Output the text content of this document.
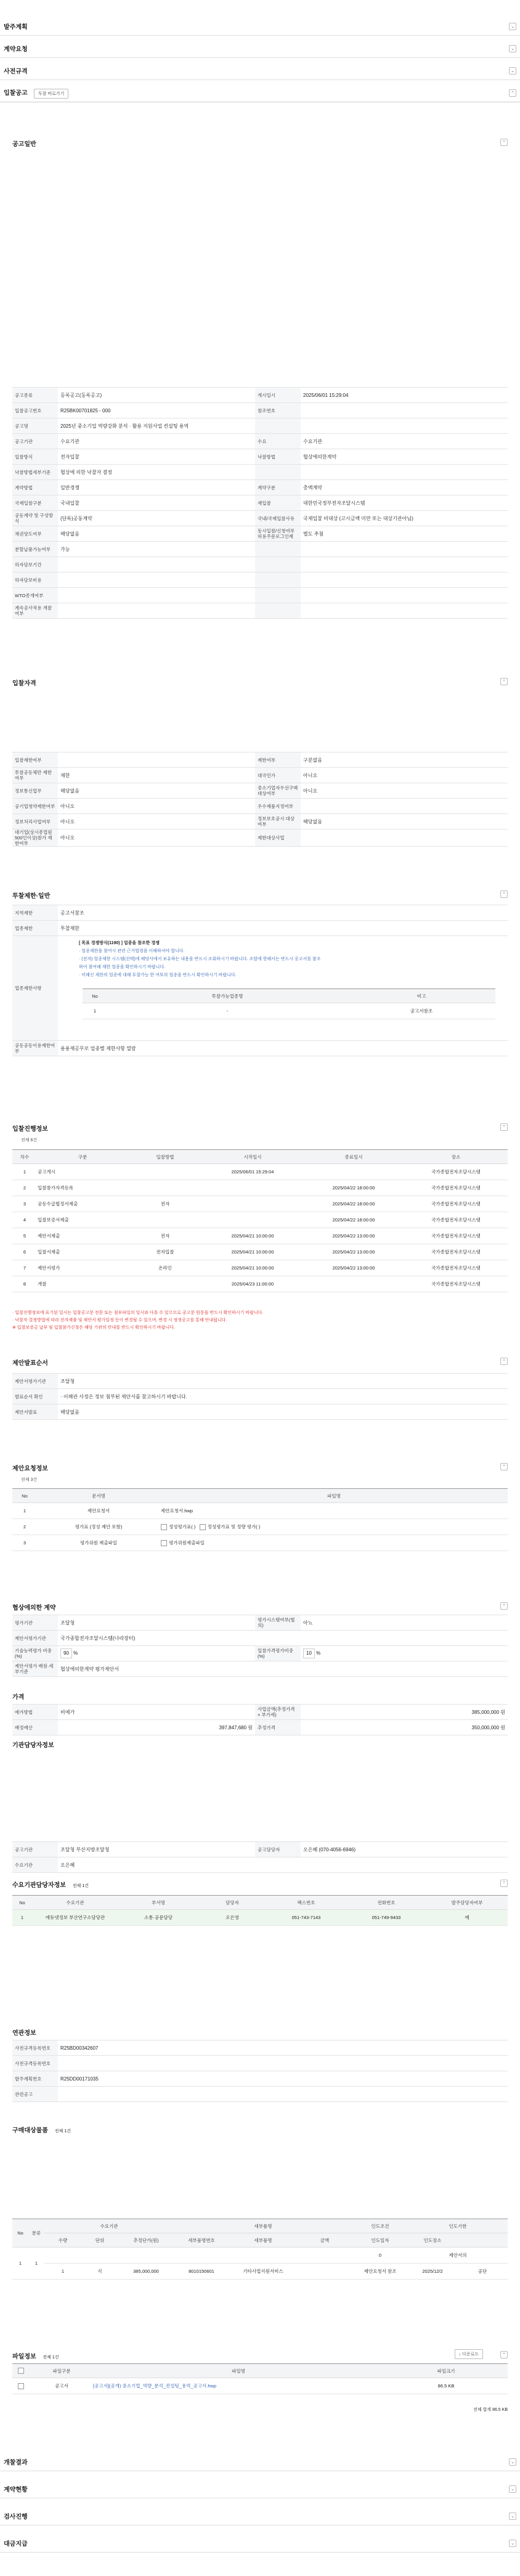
발주계획	⌄
계약요청	⌄
사전규격	⌄
입찰공고 투찰 바로가기	⌃
공고일반	⌃
공고종류	등록공고(등록공고)	게시일시	2025/06/01 15:29:04
입찰공고번호	R25BK00701825 - 000	참조번호	
공고명	2025년 중소기업 역량강화 분석 · 활용 지원사업 컨설팅 용역		
공고기관	수요기관	수요	수요기관
입찰방식	전자입찰	낙찰방법	협상에의한계약
낙찰방법세부기준	협상에 의한 낙찰자 결정		
계약방법	일반경쟁	계약구분	총액계약
국제입찰구분	국내입찰	재입찰	대한민국정부전자조달시스템
공동계약 및 구성방식	(단독)공동계약	국내/국제입찰사유	국제입찰 비대상 (고시금액 미만 또는 대상기관아님)
채권양도여부	해당없음	동시입찰/신청여부 허용주문로그인제	별도 추첨
분할납품가능여부	가능		
하자담보기간			
하자담보비용			
WTO종개여부			
계속공사적용 개찰여부			
입찰자격	⌃
입찰제한여부		제한여부	구분없음
투찰공동체만 제한여부	제한	대국민가	아니오
정보통신업무	해당없음	중소기업자우선구매 대상여부	아니오
공기업청약제한여부	아니오	우수제품지정여부	
정보처리사업여부	아니오	정보보호공시 대상여부	해당없음
대기업(상시종업원 500인이상)참가 제한여부	아니오	제한대상사업	
투찰제한·일반	⌃
지역제한	공고서참조
업종제한	투찰제한
업종제한사항	
공동공동이용제한여부	용용제공무로 업종별 제한사항 열람
[ 목표 경쟁방식(1190) ] 업종을 참조한 경쟁
· 업종제한을 참여시 관련 근거법령을 이해하셔야 합니다.
· (전자) 업종제한 시스템(선택)에 해당사에서 보유하는 내용을 반드시 조회하시기 바랍니다. 조합에 한해서는 반드시 공고서를 참조
하여 참여해 제한 업종을 확인하시기 바랍니다.
· 미해신 제한의 업종에 대해 투찰가능 한 여부의 업종을 반드시 확인하시기 바랍니다.
No	투찰가능업종명	비고
1	-	공고서참조
입찰진행정보	⌃
전체 6건
차수	구분	입찰방법	시작일시	종료일시	장소
1	공고게시		2025/06/01 15:29:04		국가종합전자조달시스템
2	입찰참가자격등록			2025/04/22 18:00:00	국가종합전자조달시스템
3	공동수급협정서제출	전자		2025/04/22 18:00:00	국가종합전자조달시스템
4	입찰보증서제출			2025/04/22 18:00:00	국가종합전자조달시스템
5	제안서제출	전자	2025/04/21 10:00:00	2025/04/22 13:00:00	국가종합전자조달시스템
6	입찰서제출	전자입찰	2025/04/21 10:00:00	2025/04/22 13:00:00	국가종합전자조달시스템
7	제안서평가	온라인	2025/04/21 10:00:00	2025/04/22 13:00:00	국가종합전자조달시스템
8	개찰		2025/04/23 11:00:00		국가종합전자조달시스템
· 입찰진행정보에 표기된 일시는 입찰공고문 전문 또는 첨부파일의 일시와 다를 수 있으므로 공고문 원문을 반드시 확인하시기 바랍니다.
· 낙찰자 결정방법에 따라 전자제출 및 제안서 평가일정 등이 변경될 수 있으며, 변경 시 정정공고를 통해 안내됩니다.
※ 입찰보증금 납부 및 입찰참가신청은 해당 기관의 안내를 반드시 확인하시기 바랍니다.
제안발표순서	⌃
제안서평가기관	조달청
발표순서 확인	· 이해관 사정은 정보 첨부된 제안서를 참고하시기 바랍니다.
제안서발표	해당없음
제안요청정보	⌃
전체 3건
No	문서명	파일명
1	제안요청서	제안요청서.hwp
2	평가표 (정성 제안 포함)	정성평가표( ) 정성평가표 및 정량 평가( )
3	평가위원 제출파일	평가위원제출파일
협상에의한 계약	⌃
평가기관	조달청	평가시스템여부(협의)	아뇨
제안서평가기관	국가종합전자조달시스템(나라장터)		
기술능력평가 비중(%)	90 %	입찰가격평가비중(%)	10 %
제안서평가 배점·세부기준	협상에의한계약 평가제안서		
가격
예가방법	비예가	사업금액(추정가격 + 부가세)	385,000,000 원
배정예산	397,847,680 원	추정가격	350,000,000 원
기관담당자정보
공고기관	조달청 부산지방조달청	공고담당자	오은혜 (070-4056-6946)
수요기관	오은혜		
수요기관담당자정보 전체 1건
⌃
No	수요기관	부서명	담당자	팩스번호	전화번호	발주담당자여부
1	에듀넷정보 부산연구소담당관	소통·공문담당	오은영	051-743-7143	051-749-9433	예
연관정보
사전규격등록번호	R25BD00342607
사전규격등록번호	
발주계획번호	R25DD00171035
관련공고	
구매대상물품 전체 1건
No	분류	수요기관			세부품명			인도조건	인도기한	
		수량	단위	추정단가(원)	세부품명번호	세부품명	금액	인도일자	인도장소	
1	1							0	제안서의	
		1	식	385,000,000	8010150601	기타사업지원서비스		제안요청서 참조	2025/12/2	공단
파일정보 전체 1건
↓ 다운로드	⌃
	파일구분	파일명	파일크기
	공고서	[공고서](공개) 중소기업_역량_분석_컨설팅_용역_공고서.hwp	86.5 KB
전체 합계 86.5 KB
개찰결과	⌄
계약현황	⌄
검사진행	⌄
대금지급	⌄
